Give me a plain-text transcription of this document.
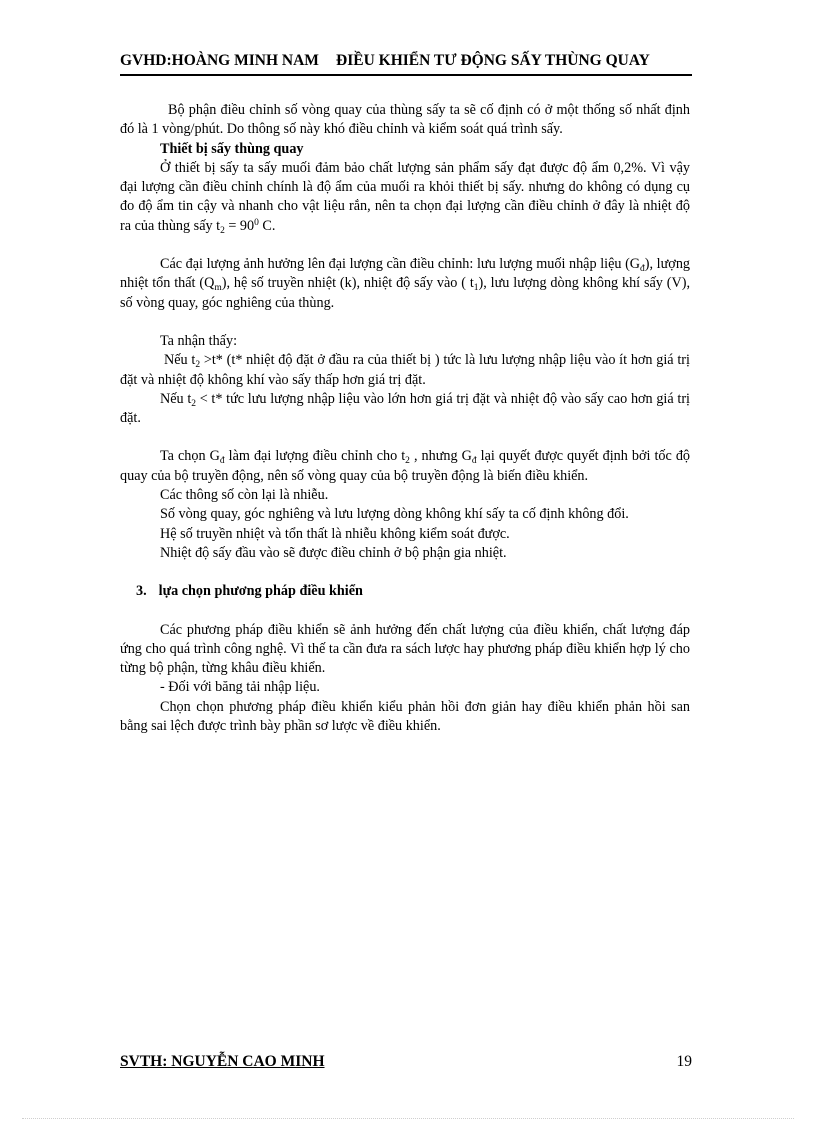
GVHD:HOÀNG MINH NAM ĐIỀU KHIỂN TƯ ĐỘNG SẤY THÙNG QUAY

Bộ phận điều chỉnh số vòng quay của thùng sấy ta sẽ cố định có ở một thống số nhất định đó là 1 vòng/phút. Do thông số này khó điều chỉnh và kiểm soát quá trình sấy.

Thiết bị sấy thùng quay

Ở thiết bị sấy ta sấy muối đảm bảo chất lượng sản phẩm sấy đạt được độ ẩm 0,2%. Vì vậy đại lượng cần điều chỉnh chính là độ ẩm của muối ra khỏi thiết bị sấy. nhưng do không có dụng cụ đo độ ẩm tin cậy và nhanh cho vật liệu rắn, nên ta chọn đại lượng cần điều chỉnh ở đây là nhiệt độ ra của thùng sấy $t_2 = 90^0$ C.

Các đại lượng ảnh hưởng lên đại lượng cần điều chỉnh: lưu lượng muối nhập liệu $(G_đ)$, lượng nhiệt tổn thất $(Q_m)$, hệ số truyền nhiệt (k), nhiệt độ sấy vào ( $t_1$), lưu lượng dòng không khí sấy (V), số vòng quay, góc nghiêng của thùng.

Ta nhận thấy:

Nếu $t_2 >t*$ (t* nhiệt độ đặt ở đầu ra của thiết bị ) tức là lưu lượng nhập liệu vào ít hơn giá trị đặt và nhiệt độ không khí vào sấy thấp hơn giá trị đặt.

Nếu $t_2 < t*$ tức lưu lượng nhập liệu vào lớn hơn giá trị đặt và nhiệt độ vào sấy cao hơn giá trị đặt.

Ta chọn $G_đ$ làm đại lượng điều chỉnh cho $t_2$ , nhưng $G_đ$ lại quyết được quyết định bởi tốc độ quay của bộ truyền động, nên số vòng quay của bộ truyền động là biến điều khiển.

Các thông số còn lại là nhiễu.

Số vòng quay, góc nghiêng và lưu lượng dòng không khí sấy ta cố định không đổi.

Hệ số truyền nhiệt và tổn thất là nhiễu không kiểm soát được.

Nhiệt độ sấy đầu vào sẽ được điều chỉnh ở bộ phận gia nhiệt.

3. lựa chọn phương pháp điều khiển

Các phương pháp điều khiển sẽ ảnh hưởng đến chất lượng của điều khiển, chất lượng đáp ứng cho quá trình công nghệ. Vì thế ta cần đưa ra sách lược hay phương pháp điều khiển hợp lý cho từng bộ phận, từng khâu điều khiển.

- Đối với băng tải nhập liệu.

Chọn chọn phương pháp điều khiển kiểu phản hồi đơn giản hay điều khiển phản hồi san bằng sai lệch được trình bày phần sơ lược về điều khiển.

SVTH: NGUYỄN CAO MINH	19
